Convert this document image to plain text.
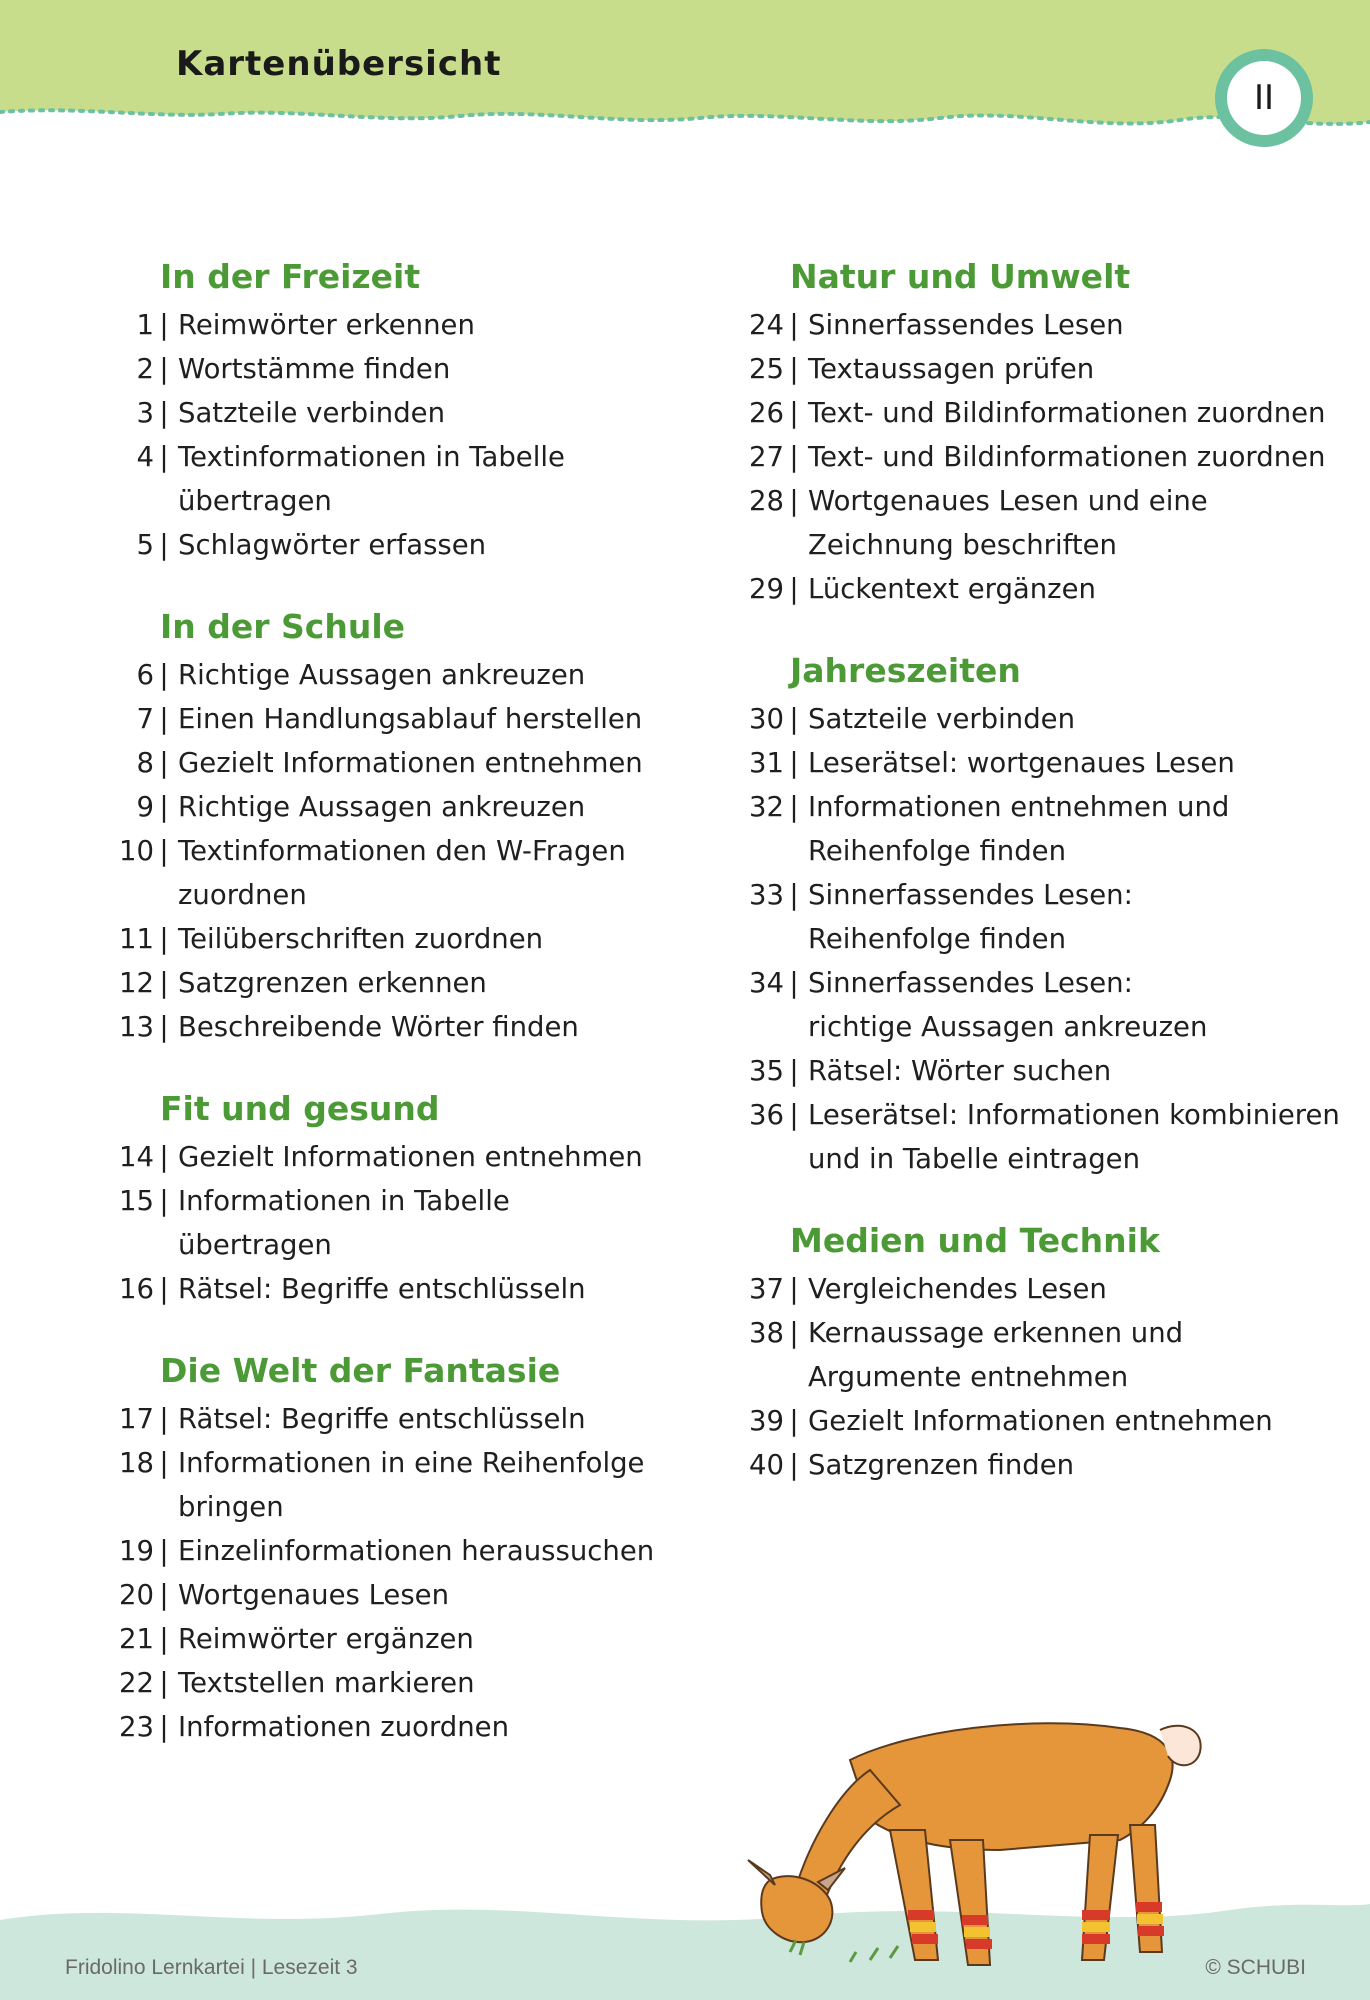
Kartenübersicht
II
In der Freizeit
1 | Reimwörter erkennen
2 | Wortstämme finden
3 | Satzteile verbinden
4 | Textinformationen in Tabelle
übertragen
5 | Schlagwörter erfassen
In der Schule
6 | Richtige Aussagen ankreuzen
7 | Einen Handlungsablauf herstellen
8 | Gezielt Informationen entnehmen
9 | Richtige Aussagen ankreuzen
10 | Textinformationen den W-Fragen
zuordnen
11 | Teilüberschriften zuordnen
12 | Satzgrenzen erkennen
13 | Beschreibende Wörter finden
Fit und gesund
14 | Gezielt Informationen entnehmen
15 | Informationen in Tabelle übertragen
16 | Rätsel: Begriffe entschlüsseln
Die Welt der Fantasie
17 | Rätsel: Begriffe entschlüsseln
18 | Informationen in eine Reihenfolge
bringen
19 | Einzelinformationen heraussuchen
20 | Wortgenaues Lesen
21 | Reimwörter ergänzen
22 | Textstellen markieren
23 | Informationen zuordnen
Natur und Umwelt
24 | Sinnerfassendes Lesen
25 | Textaussagen prüfen
26 | Text- und Bildinformationen zuordnen
27 | Text- und Bildinformationen zuordnen
28 | Wortgenaues Lesen und eine
Zeichnung beschriften
29 | Lückentext ergänzen
Jahreszeiten
30 | Satzteile verbinden
31 | Leserätsel: wortgenaues Lesen
32 | Informationen entnehmen und
Reihenfolge finden
33 | Sinnerfassendes Lesen:
Reihenfolge finden
34 | Sinnerfassendes Lesen:
richtige Aussagen ankreuzen
35 | Rätsel: Wörter suchen
36 | Leserätsel: Informationen kombinieren
und in Tabelle eintragen
Medien und Technik
37 | Vergleichendes Lesen
38 | Kernaussage erkennen und
Argumente entnehmen
39 | Gezielt Informationen entnehmen
40 | Satzgrenzen finden
Fridolino Lernkartei | Lesezeit 3	© SCHUBI
